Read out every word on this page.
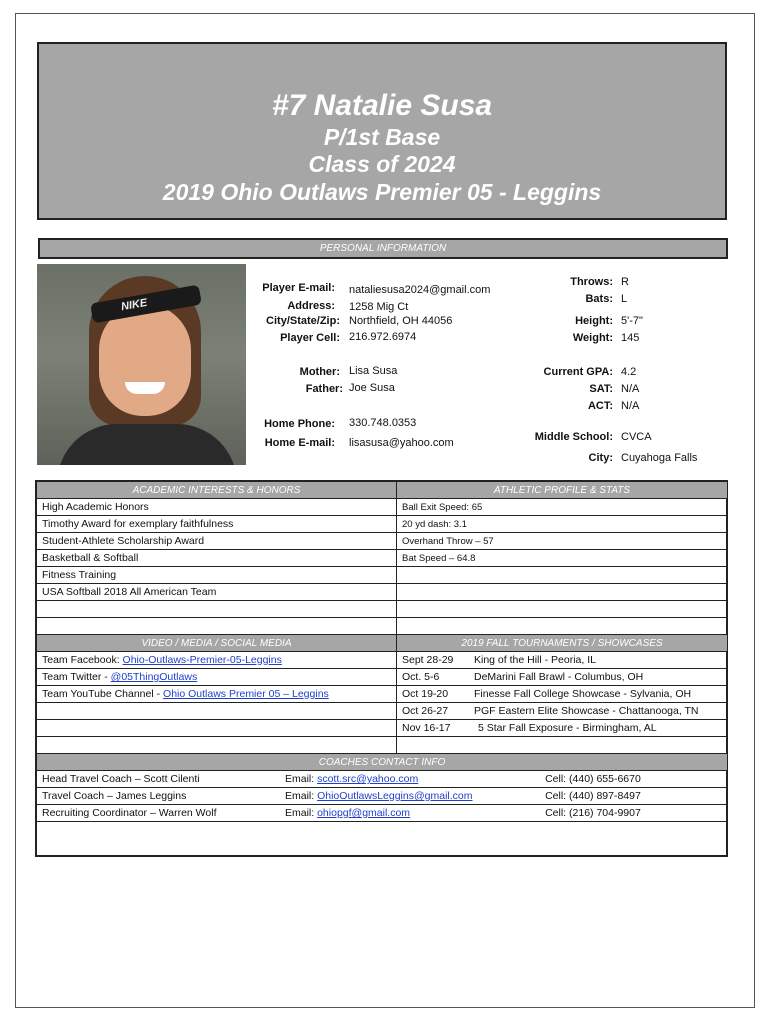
#7 Natalie Susa
P/1st Base
Class of 2024
2019 Ohio Outlaws Premier 05 - Leggins
PERSONAL INFORMATION
NIKE
Player E-mail: nataliesusa2024@gmail.com
Address: 1258 Mig Ct
City/State/Zip: Northfield, OH 44056
Player Cell: 216.972.6974
Mother: Lisa Susa
Father: Joe Susa
Home Phone: 330.748.0353
Home E-mail: lisasusa@yahoo.com
Throws: R
Bats: L
Height: 5'-7"
Weight: 145
Current GPA: 4.2
SAT: N/A
ACT: N/A
Middle School: CVCA
City: Cuyahoga Falls
ACADEMIC INTERESTS & HONORS	ATHLETIC PROFILE & STATS
High Academic Honors	Ball Exit Speed: 65
Timothy Award for exemplary faithfulness	20 yd dash: 3.1
Student-Athlete Scholarship Award	Overhand Throw – 57
Basketball & Softball	Bat Speed – 64.8
Fitness Training	
USA Softball 2018 All American Team	

VIDEO / MEDIA / SOCIAL MEDIA	2019 FALL TOURNAMENTS / SHOWCASES
Team Facebook: Ohio-Outlaws-Premier-05-Leggins	Sept 28-29 King of the Hill - Peoria, IL
Team Twitter - @05ThingOutlaws	Oct. 5-6 DeMarini Fall Brawl - Columbus, OH
Team YouTube Channel - Ohio Outlaws Premier 05 – Leggins	Oct 19-20 Finesse Fall College Showcase - Sylvania, OH
	Oct 26-27 PGF Eastern Elite Showcase - Chattanooga, TN
	Nov 16-17 5 Star Fall Exposure - Birmingham, AL

COACHES CONTACT INFO	
Head Travel Coach – Scott Cilenti Email: scott.src@yahoo.com Cell: (440) 655-6670	
Travel Coach – James Leggins Email: OhioOutlawsLeggins@gmail.com Cell: (440) 897-8497	
Recruiting Coordinator – Warren Wolf Email: ohiopgf@gmail.com Cell: (216) 704-9907	
